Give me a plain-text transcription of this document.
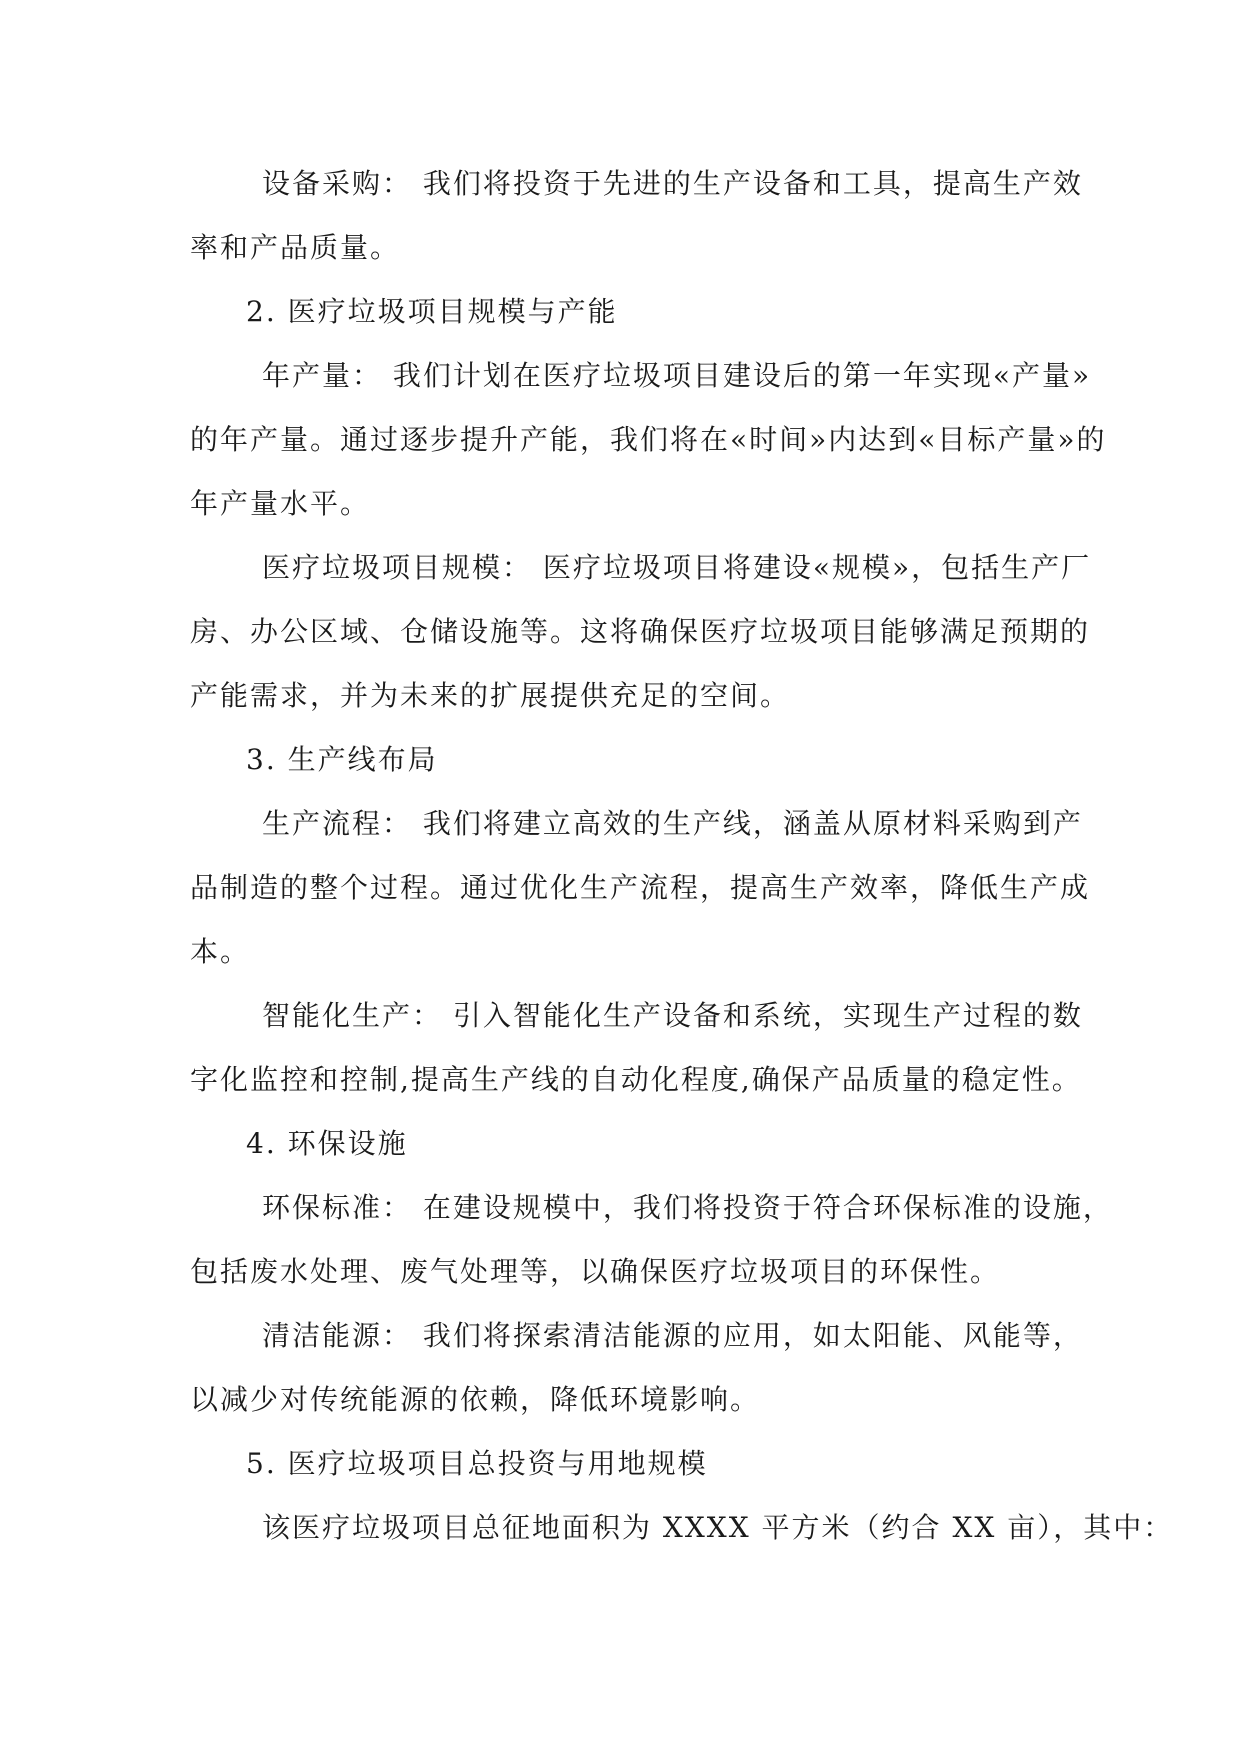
设备采购： 我们将投资于先进的生产设备和工具，提高生产效
率和产品质量。
2. 医疗垃圾项目规模与产能
年产量： 我们计划在医疗垃圾项目建设后的第一年实现«产量»
的年产量。通过逐步提升产能，我们将在«时间»内达到«目标产量»的
年产量水平。
医疗垃圾项目规模： 医疗垃圾项目将建设«规模»，包括生产厂
房、办公区域、仓储设施等。这将确保医疗垃圾项目能够满足预期的
产能需求，并为未来的扩展提供充足的空间。
3. 生产线布局
生产流程： 我们将建立高效的生产线，涵盖从原材料采购到产
品制造的整个过程。通过优化生产流程，提高生产效率，降低生产成
本。
智能化生产： 引入智能化生产设备和系统，实现生产过程的数
字化监控和控制,提高生产线的自动化程度,确保产品质量的稳定性。
4. 环保设施
环保标准： 在建设规模中，我们将投资于符合环保标准的设施，
包括废水处理、废气处理等，以确保医疗垃圾项目的环保性。
清洁能源： 我们将探索清洁能源的应用，如太阳能、风能等，
以减少对传统能源的依赖，降低环境影响。
5. 医疗垃圾项目总投资与用地规模
该医疗垃圾项目总征地面积为 XXXX 平方米（约合 XX 亩），其中：
